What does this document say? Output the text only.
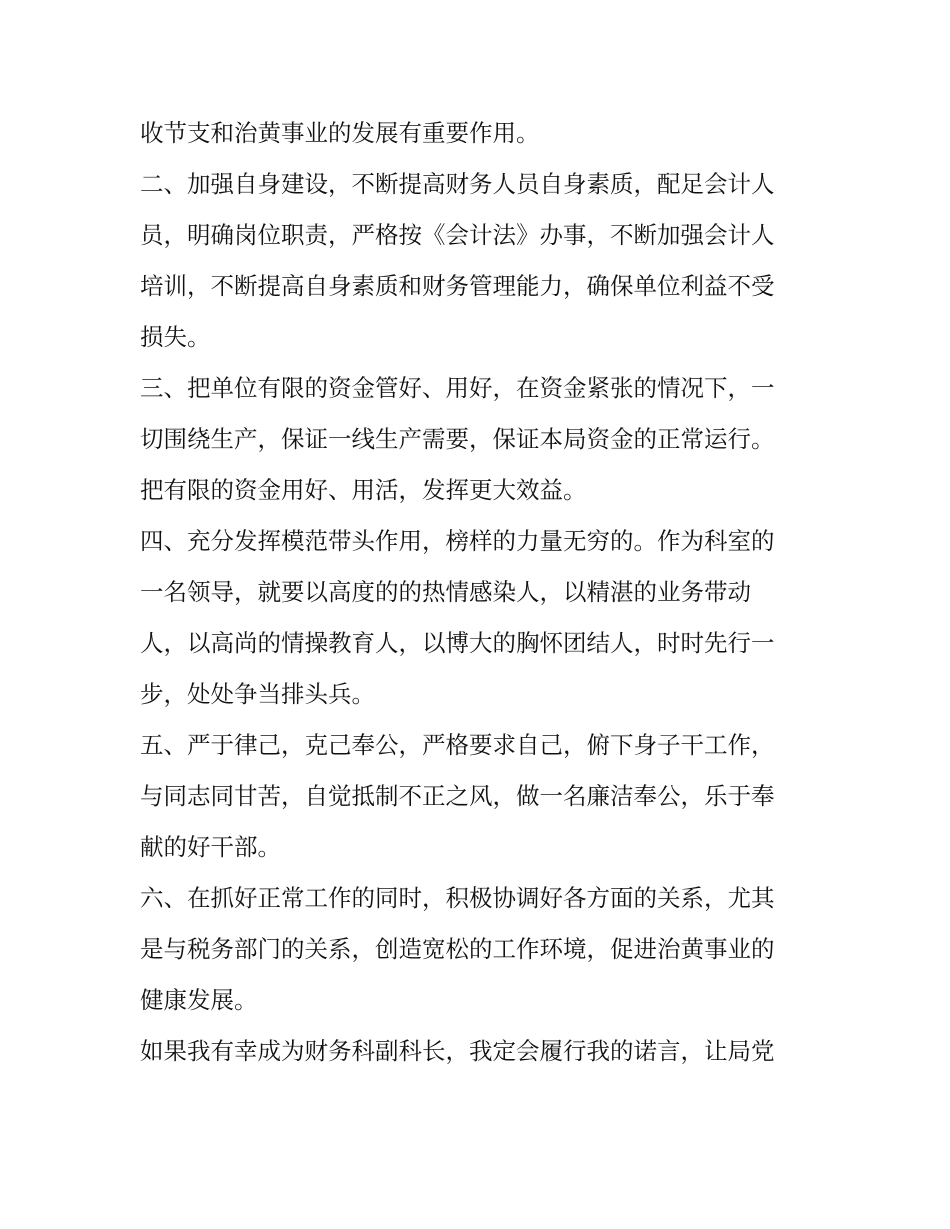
收节支和治黄事业的发展有重要作用。
二、加强自身建设，不断提高财务人员自身素质，配足会计人
员，明确岗位职责，严格按《会计法》办事，不断加强会计人
培训，不断提高自身素质和财务管理能力，确保单位利益不受
损失。
三、把单位有限的资金管好、用好，在资金紧张的情况下，一
切围绕生产，保证一线生产需要，保证本局资金的正常运行。
把有限的资金用好、用活，发挥更大效益。
四、充分发挥模范带头作用，榜样的力量无穷的。作为科室的
一名领导，就要以高度的的热情感染人，以精湛的业务带动
人，以高尚的情操教育人，以博大的胸怀团结人，时时先行一
步，处处争当排头兵。
五、严于律己，克己奉公，严格要求自己，俯下身子干工作，
与同志同甘苦，自觉抵制不正之风，做一名廉洁奉公，乐于奉
献的好干部。
六、在抓好正常工作的同时，积极协调好各方面的关系，尤其
是与税务部门的关系，创造宽松的工作环境，促进治黄事业的
健康发展。
如果我有幸成为财务科副科长，我定会履行我的诺言，让局党
